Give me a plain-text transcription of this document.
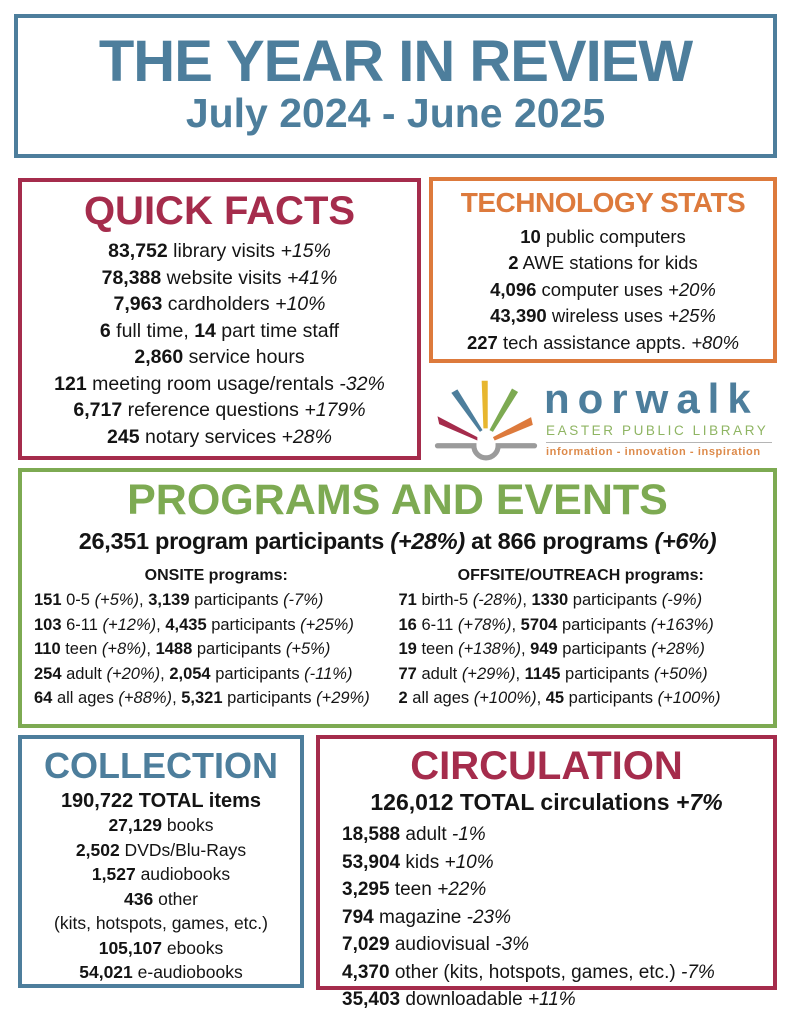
THE YEAR IN REVIEW
July 2024 - June 2025
QUICK FACTS
83,752 library visits +15%
78,388 website visits +41%
7,963 cardholders +10%
6 full time, 14 part time staff
2,860 service hours
121 meeting room usage/rentals -32%
6,717 reference questions +179%
245 notary services +28%
TECHNOLOGY STATS
10 public computers
2 AWE stations for kids
4,096 computer uses +20%
43,390 wireless uses +25%
227 tech assistance appts. +80%
norwalk
EASTER PUBLIC LIBRARY
information - innovation - inspiration
PROGRAMS AND EVENTS
26,351 program participants (+28%) at 866 programs (+6%)
ONSITE programs:
151 0-5 (+5%), 3,139 participants (-7%)
103 6-11 (+12%), 4,435 participants (+25%)
110 teen (+8%), 1488 participants (+5%)
254 adult (+20%), 2,054 participants (-11%)
64 all ages (+88%), 5,321 participants (+29%)
OFFSITE/OUTREACH programs:
71 birth-5 (-28%), 1330 participants (-9%)
16 6-11 (+78%), 5704 participants (+163%)
19 teen (+138%), 949 participants (+28%)
77 adult (+29%), 1145 participants (+50%)
2 all ages (+100%), 45 participants (+100%)
COLLECTION
190,722 TOTAL items
27,129 books
2,502 DVDs/Blu-Rays
1,527 audiobooks
436 other
(kits, hotspots, games, etc.)
105,107 ebooks
54,021 e-audiobooks
CIRCULATION
126,012 TOTAL circulations +7%
18,588 adult -1%
53,904 kids +10%
3,295 teen +22%
794 magazine -23%
7,029 audiovisual -3%
4,370 other (kits, hotspots, games, etc.) -7%
35,403 downloadable +11%
